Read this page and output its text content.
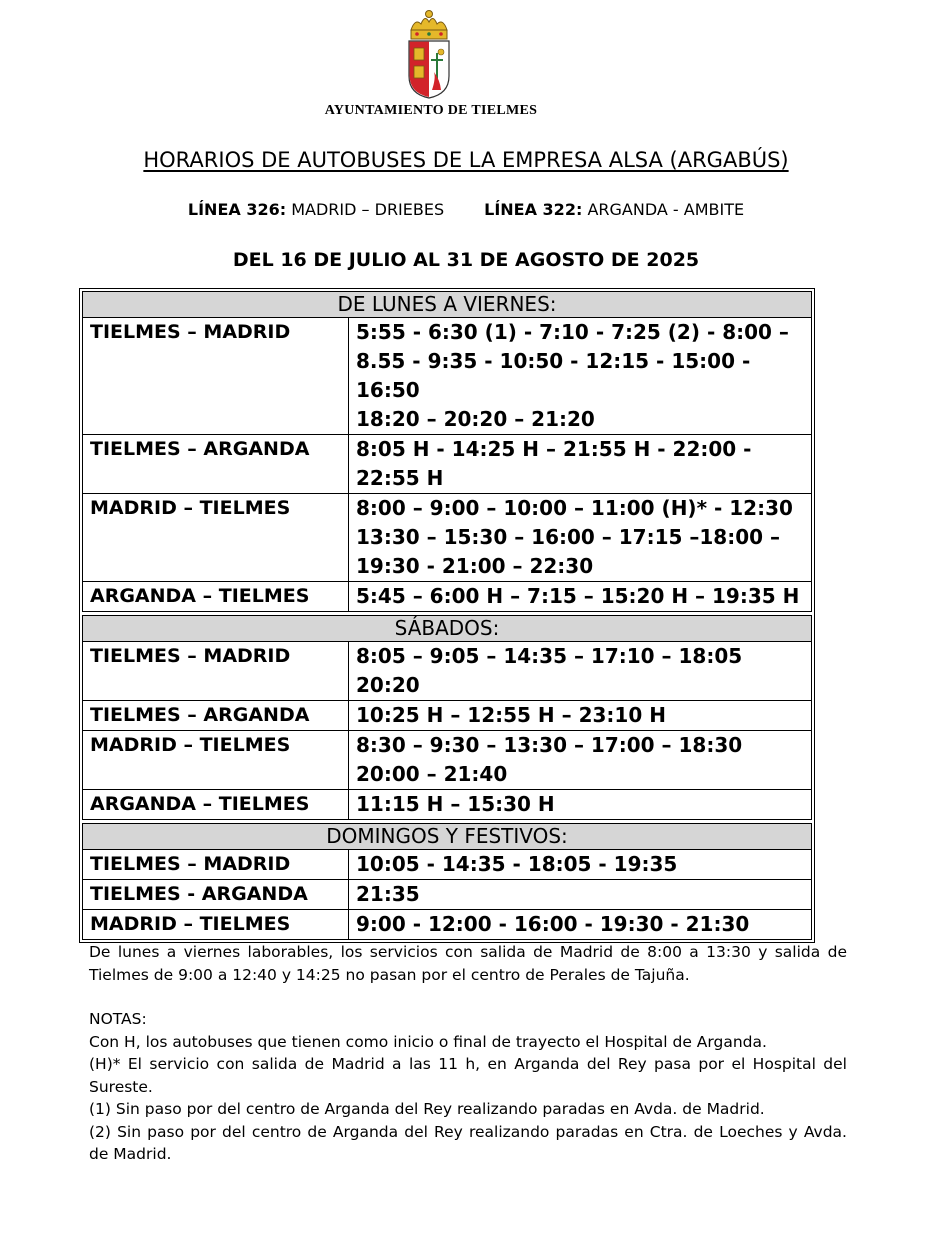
AYUNTAMIENTO DE TIELMES
HORARIOS DE AUTOBUSES DE LA EMPRESA ALSA (ARGABÚS)
LÍNEA 326: MADRID – DRIEBES	LÍNEA 322: ARGANDA - AMBITE
DEL 16 DE JULIO AL 31 DE AGOSTO DE 2025
DE LUNES A VIERNES:	
TIELMES – MADRID	5:55 - 6:30 (1) - 7:10 - 7:25 (2) - 8:00 –
8.55 - 9:35 - 10:50 - 12:15 - 15:00 - 16:50
18:20 – 20:20 – 21:20

TIELMES – ARGANDA	8:05 H - 14:25 H – 21:55 H - 22:00 -
22:55 H

MADRID – TIELMES	8:00 – 9:00 – 10:00 – 11:00 (H)* - 12:30
13:30 – 15:30 – 16:00 – 17:15 –18:00 –
19:30 - 21:00 – 22:30

ARGANDA – TIELMES	5:45 – 6:00 H – 7:15 – 15:20 H – 19:35 H

SÁBADOS:	
TIELMES – MADRID	8:05 – 9:05 – 14:35 – 17:10 – 18:05
20:20

TIELMES – ARGANDA	10:25 H – 12:55 H – 23:10 H

MADRID – TIELMES	8:30 – 9:30 – 13:30 – 17:00 – 18:30
20:00 – 21:40

ARGANDA – TIELMES	11:15 H – 15:30 H

DOMINGOS Y FESTIVOS:	
TIELMES – MADRID	10:05 - 14:35 - 18:05 - 19:35

TIELMES - ARGANDA	21:35

MADRID – TIELMES	9:00 - 12:00 - 16:00 - 19:30 - 21:30
De lunes a viernes laborables, los servicios con salida de Madrid de 8:00 a 13:30 y salida de Tielmes de 9:00 a 12:40 y 14:25 no pasan por el centro de Perales de Tajuña.
NOTAS:
Con H, los autobuses que tienen como inicio o final de trayecto el Hospital de Arganda.
(H)* El servicio con salida de Madrid a las 11 h, en Arganda del Rey pasa por el Hospital del Sureste.
(1) Sin paso por del centro de Arganda del Rey realizando paradas en Avda. de Madrid.
(2) Sin paso por del centro de Arganda del Rey realizando paradas en Ctra. de Loeches y Avda. de Madrid.
